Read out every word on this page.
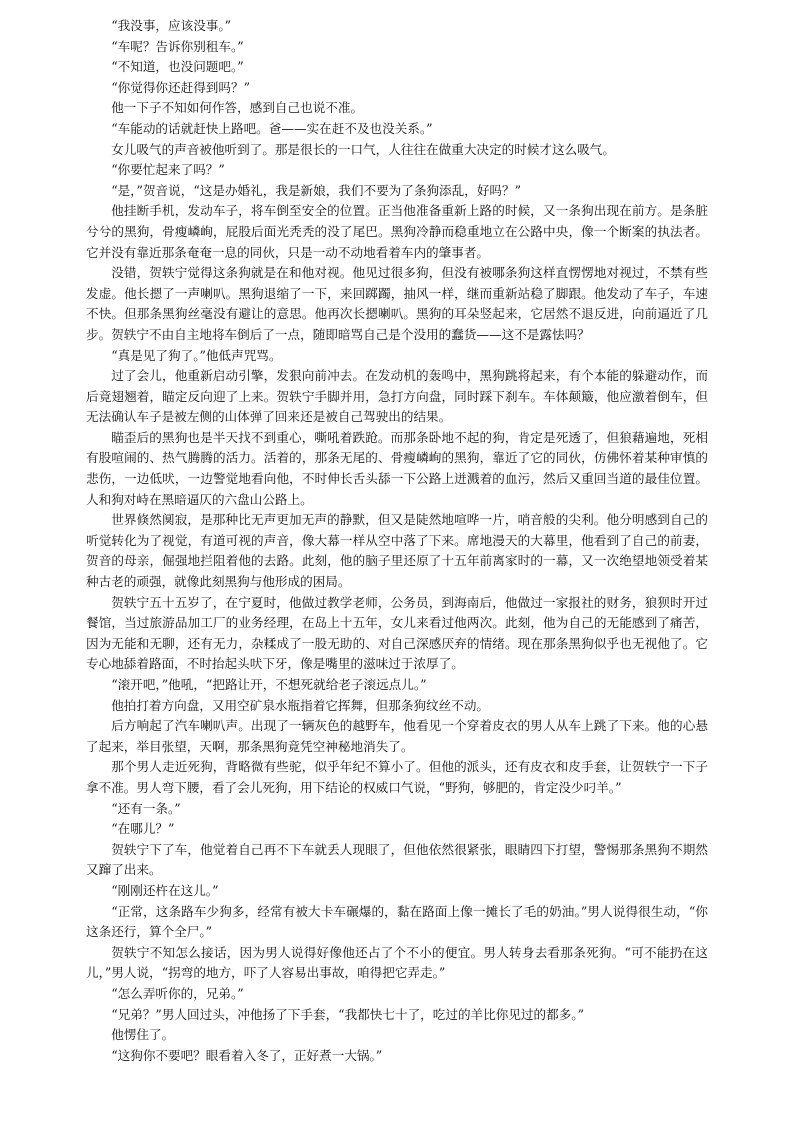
“我没事，应该没事。”

“车呢？告诉你别租车。”

“不知道，也没问题吧。”

“你觉得你还赶得到吗？”

他一下子不知如何作答，感到自己也说不准。

“车能动的话就赶快上路吧。爸——实在赶不及也没关系。”

女儿吸气的声音被他听到了。那是很长的一口气，人往往在做重大决定的时候才这么吸气。

“你要忙起来了吗？”

“是，”贺音说，“这是办婚礼，我是新娘，我们不要为了条狗添乱，好吗？”

他挂断手机，发动车子，将车倒至安全的位置。正当他准备重新上路的时候，又一条狗出现在前方。是条脏兮兮的黑狗，骨瘦嶙峋，屁股后面光秃秃的没了尾巴。黑狗冷静而稳重地立在公路中央，像一个断案的执法者。它并没有靠近那条奄奄一息的同伙，只是一动不动地看着车内的肇事者。

没错，贺轶宁觉得这条狗就是在和他对视。他见过很多狗，但没有被哪条狗这样直愣愣地对视过，不禁有些发虚。他长摁了一声喇叭。黑狗退缩了一下，来回踯躅，抽风一样，继而重新站稳了脚跟。他发动了车子，车速不快。但那条黑狗丝毫没有避让的意思。他再次长摁喇叭。黑狗的耳朵竖起来，它居然不退反进，向前逼近了几步。贺轶宁不由自主地将车倒后了一点，随即暗骂自己是个没用的蠢货——这不是露怯吗？

“真是见了狗了。”他低声咒骂。

过了会儿，他重新启动引擎，发狠向前冲去。在发动机的轰鸣中，黑狗跳将起来，有个本能的躲避动作，而后竟翅翘着，瞄定反向迎了上来。贺轶宁手脚并用，急打方向盘，同时踩下刹车。车体颠簸，他应激着倒车，但无法确认车子是被左侧的山体弹了回来还是被自己驾驶出的结果。

瞄歪后的黑狗也是半天找不到重心，嘶吼着跌跄。而那条卧地不起的狗，肯定是死透了，但狼藉遍地，死相有股喧闹的、热气腾腾的活力。活着的，那条无尾的、骨瘦嶙峋的黑狗，靠近了它的同伙，仿佛怀着某种审慎的悲伤，一边低吠，一边警觉地看向他，不时伸长舌头舔一下公路上迸溅着的血污，然后又重回当道的最佳位置。人和狗对峙在黑暗逼仄的六盘山公路上。

世界倏然阒寂，是那种比无声更加无声的静默，但又是陡然地喧哗一片，哨音般的尖利。他分明感到自己的听觉转化为了视觉，有道可视的声音，像大幕一样从空中落了下来。席地漫天的大幕里，他看到了自己的前妻，贺音的母亲，倔强地拦阻着他的去路。此刻，他的脑子里还原了十五年前离家时的一幕，又一次绝望地领受着某种古老的顽强，就像此刻黑狗与他形成的困局。

贺轶宁五十五岁了，在宁夏时，他做过教学老师，公务员，到海南后，他做过一家报社的财务，狼狈时开过餐馆，当过旅游品加工厂的业务经理，在岛上十五年，女儿来看过他两次。此刻，他为自己的无能感到了痛苦，因为无能和无聊，还有无力，杂糅成了一股无助的、对自己深感厌弃的情绪。现在那条黑狗似乎也无视他了。它专心地舔着路面，不时抬起头吠下牙，像是嘴里的滋味过于浓厚了。

“滚开吧，”他吼，“把路让开，不想死就给老子滚远点儿。”

他拍打着方向盘，又用空矿泉水瓶指着它挥舞，但那条狗纹丝不动。

后方响起了汽车喇叭声。出现了一辆灰色的越野车，他看见一个穿着皮衣的男人从车上跳了下来。他的心悬了起来，举目张望，天啊，那条黑狗竟凭空神秘地消失了。

那个男人走近死狗，背略微有些驼，似乎年纪不算小了。但他的派头，还有皮衣和皮手套，让贺轶宁一下子拿不准。男人弯下腰，看了会儿死狗，用下结论的权威口气说，“野狗，够肥的，肯定没少叼羊。”

“还有一条。”

“在哪儿？”

贺轶宁下了车，他觉着自己再不下车就丢人现眼了，但他依然很紧张，眼睛四下打望，警惕那条黑狗不期然又蹿了出来。

“刚刚还杵在这儿。”

“正常，这条路车少狗多，经常有被大卡车碾爆的，黏在路面上像一摊长了毛的奶油。”男人说得很生动，“你这条还行，算个全尸。”

贺轶宁不知怎么接话，因为男人说得好像他还占了个不小的便宜。男人转身去看那条死狗。“可不能扔在这儿，”男人说，“拐弯的地方，吓了人容易出事故，咱得把它弄走。”

“怎么弄听你的，兄弟。”

“兄弟？”男人回过头，冲他扬了下手套，“我都快七十了，吃过的羊比你见过的都多。”

他愣住了。

“这狗你不要吧？眼看着入冬了，正好煮一大锅。”
